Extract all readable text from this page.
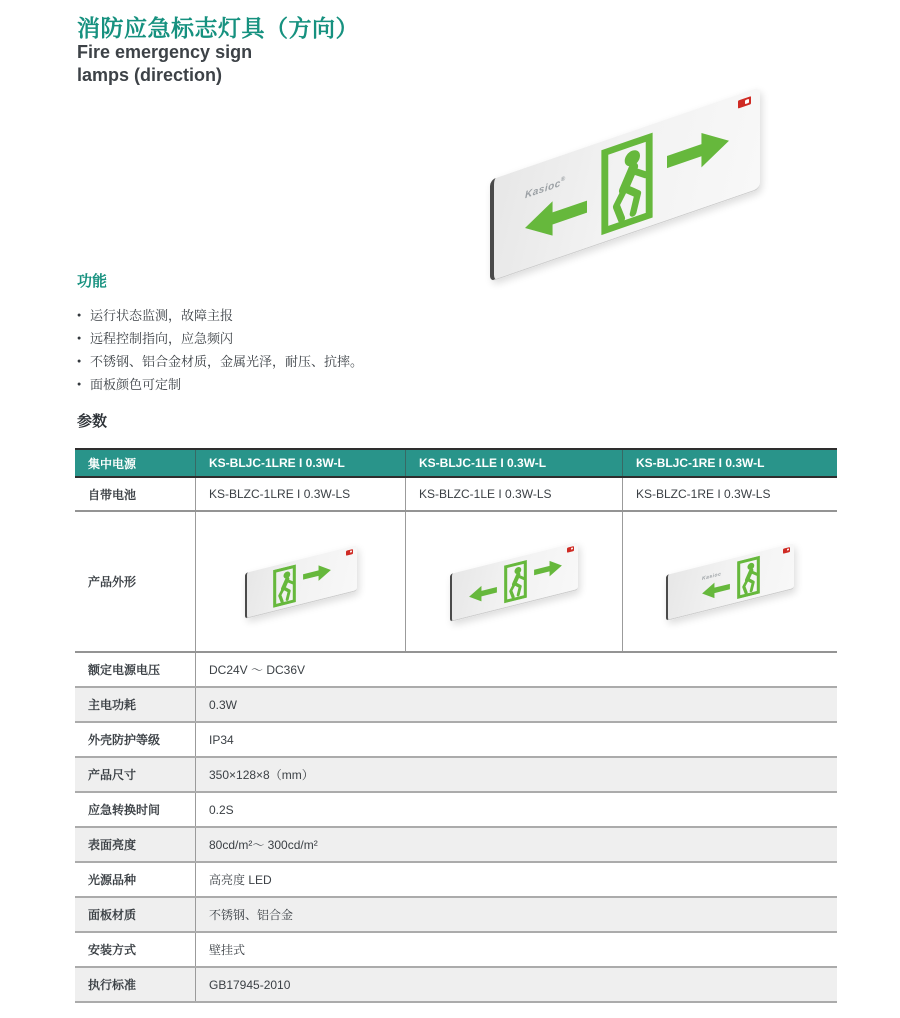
消防应急标志灯具（方向）
Fire emergency sign
lamps (direction)
Kasioc®
功能
● 运行状态监测，故障主报
● 远程控制指向，应急频闪
● 不锈钢、铝合金材质，金属光泽，耐压、抗摔。
● 面板颜色可定制
参数
集中电源	KS-BLJC-1LRE I 0.3W-L	KS-BLJC-1LE I 0.3W-L	KS-BLJC-1RE I 0.3W-L
自带电池	KS-BLZC-1LRE I 0.3W-LS	KS-BLZC-1LE I 0.3W-LS	KS-BLZC-1RE I 0.3W-LS
产品外形	Kasioc
额定电源电压	DC24V ～ DC36V
主电功耗	0.3W
外壳防护等级	IP34
产品尺寸	350×128×8（mm）
应急转换时间	0.2S
表面亮度	80cd/m²～ 300cd/m²
光源品种	高亮度 LED
面板材质	不锈钢、铝合金
安装方式	壁挂式
执行标准	GB17945-2010
